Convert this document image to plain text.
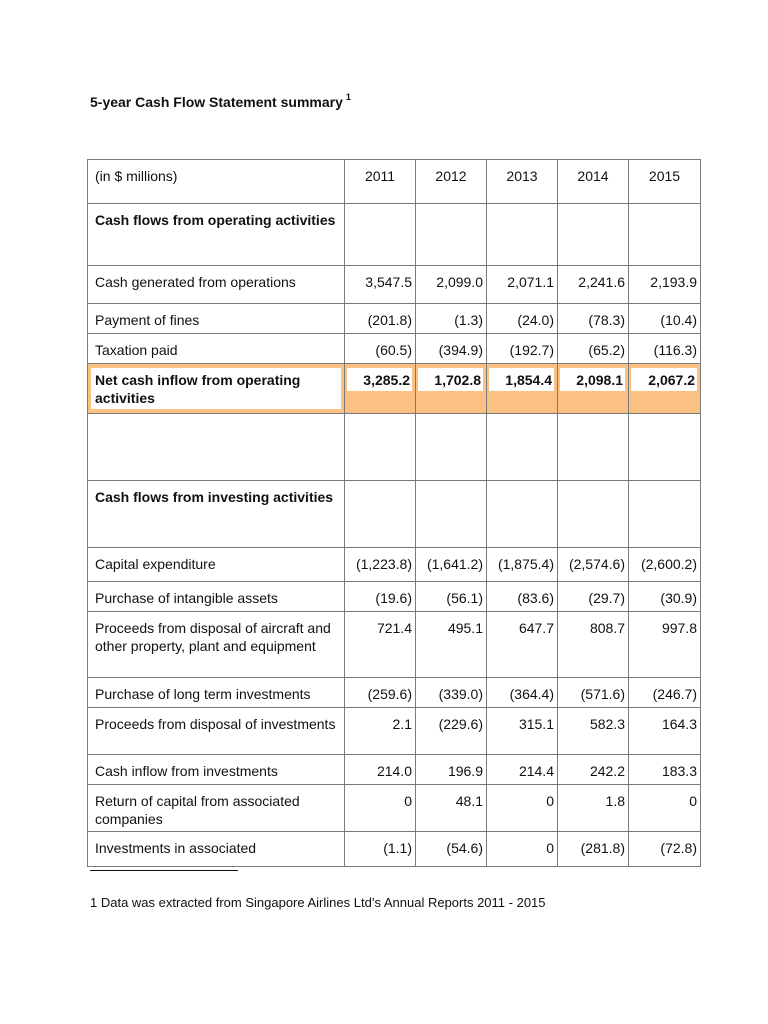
5-year Cash Flow Statement summary $^1$

(in $ millions)	2011	2012	2013	2014	2015
Cash flows from operating activities					
Cash generated from operations	3,547.5	2,099.0	2,071.1	2,241.6	2,193.9
Payment of fines	(201.8)	(1.3)	(24.0)	(78.3)	(10.4)
Taxation paid	(60.5)	(394.9)	(192.7)	(65.2)	(116.3)

Net cash inflow from operating activities	3,285.2	1,702.8	1,854.4	2,098.1	2,067.2

Cash flows from investing activities					
Capital expenditure	(1,223.8)	(1,641.2)	(1,875.4)	(2,574.6)	(2,600.2)
Purchase of intangible assets	(19.6)	(56.1)	(83.6)	(29.7)	(30.9)
Proceeds from disposal of aircraft and other property, plant and equipment	721.4	495.1	647.7	808.7	997.8
Purchase of long term investments	(259.6)	(339.0)	(364.4)	(571.6)	(246.7)
Proceeds from disposal of investments	2.1	(229.6)	315.1	582.3	164.3
Cash inflow from investments	214.0	196.9	214.4	242.2	183.3
Return of capital from associated companies	0	48.1	0	1.8	0
Investments in associated	(1.1)	(54.6)	0	(281.8)	(72.8)

1 Data was extracted from Singapore Airlines Ltd’s Annual Reports 2011 - 2015
